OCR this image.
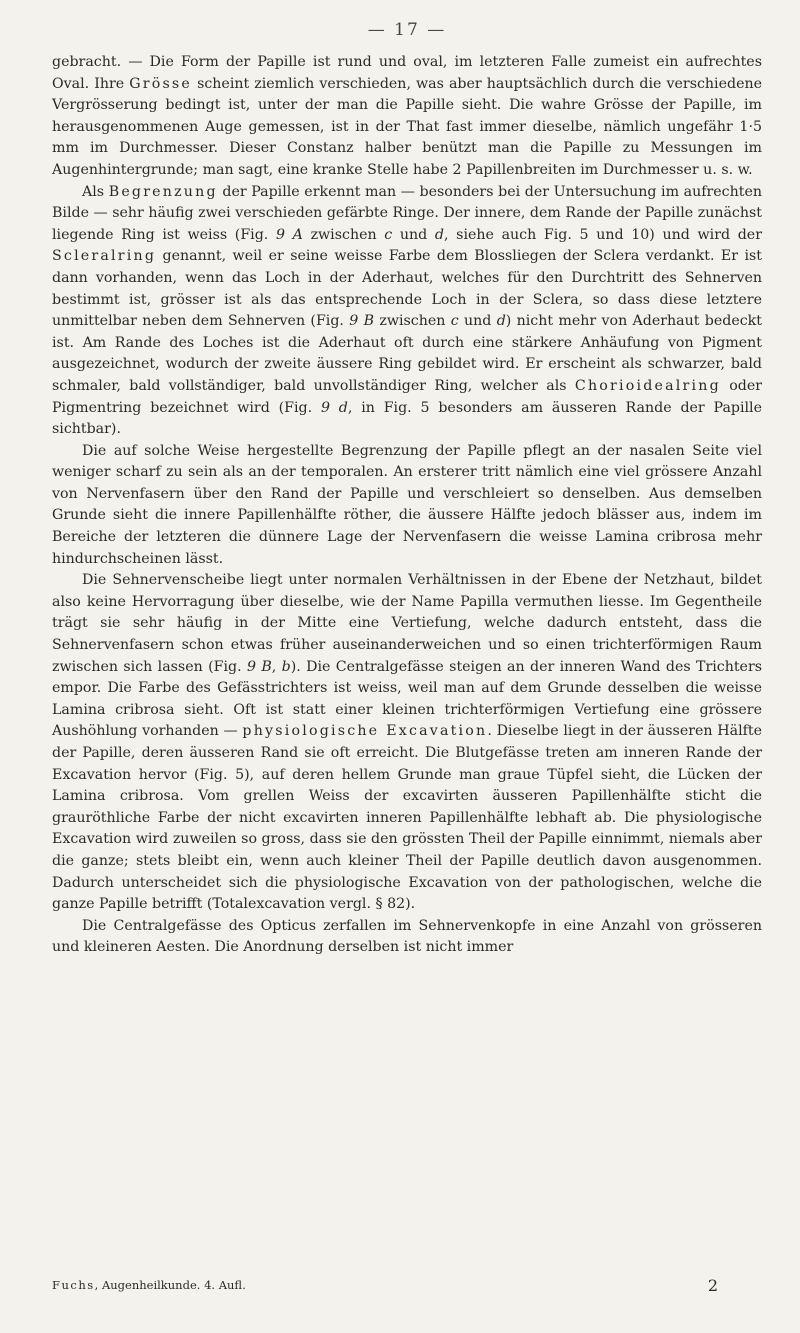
— 17 —

gebracht. — Die Form der Papille ist rund und oval, im letzteren Falle zumeist ein aufrechtes Oval. Ihre Grösse scheint ziemlich verschieden, was aber hauptsächlich durch die verschiedene Vergrösserung bedingt ist, unter der man die Papille sieht. Die wahre Grösse der Papille, im herausgenommenen Auge gemessen, ist in der That fast immer dieselbe, nämlich ungefähr 1·5 mm im Durchmesser. Dieser Constanz halber benützt man die Papille zu Messungen im Augenhintergrunde; man sagt, eine kranke Stelle habe 2 Papillenbreiten im Durchmesser u. s. w.

Als Begrenzung der Papille erkennt man — besonders bei der Untersuchung im aufrechten Bilde — sehr häufig zwei verschieden gefärbte Ringe. Der innere, dem Rande der Papille zunächst liegende Ring ist weiss (Fig. 9 A zwischen c und d, siehe auch Fig. 5 und 10) und wird der Scleralring genannt, weil er seine weisse Farbe dem Blossliegen der Sclera verdankt. Er ist dann vorhanden, wenn das Loch in der Aderhaut, welches für den Durchtritt des Sehnerven bestimmt ist, grösser ist als das entsprechende Loch in der Sclera, so dass diese letztere unmittelbar neben dem Sehnerven (Fig. 9 B zwischen c und d) nicht mehr von Aderhaut bedeckt ist. Am Rande des Loches ist die Aderhaut oft durch eine stärkere Anhäufung von Pigment ausgezeichnet, wodurch der zweite äussere Ring gebildet wird. Er erscheint als schwarzer, bald schmaler, bald vollständiger, bald unvollständiger Ring, welcher als Chorioidealring oder Pigmentring bezeichnet wird (Fig. 9 d, in Fig. 5 besonders am äusseren Rande der Papille sichtbar).

Die auf solche Weise hergestellte Begrenzung der Papille pflegt an der nasalen Seite viel weniger scharf zu sein als an der temporalen. An ersterer tritt nämlich eine viel grössere Anzahl von Nervenfasern über den Rand der Papille und verschleiert so denselben. Aus demselben Grunde sieht die innere Papillenhälfte röther, die äussere Hälfte jedoch blässer aus, indem im Bereiche der letzteren die dünnere Lage der Nervenfasern die weisse Lamina cribrosa mehr hindurchscheinen lässt.

Die Sehnervenscheibe liegt unter normalen Verhältnissen in der Ebene der Netzhaut, bildet also keine Hervorragung über dieselbe, wie der Name Papilla vermuthen liesse. Im Gegentheile trägt sie sehr häufig in der Mitte eine Vertiefung, welche dadurch entsteht, dass die Sehnervenfasern schon etwas früher auseinanderweichen und so einen trichterförmigen Raum zwischen sich lassen (Fig. 9 B, b). Die Centralgefässe steigen an der inneren Wand des Trichters empor. Die Farbe des Gefässtrichters ist weiss, weil man auf dem Grunde desselben die weisse Lamina cribrosa sieht. Oft ist statt einer kleinen trichterförmigen Vertiefung eine grössere Aushöhlung vorhanden — physiologische Excavation. Dieselbe liegt in der äusseren Hälfte der Papille, deren äusseren Rand sie oft erreicht. Die Blutgefässe treten am inneren Rande der Excavation hervor (Fig. 5), auf deren hellem Grunde man graue Tüpfel sieht, die Lücken der Lamina cribrosa. Vom grellen Weiss der excavirten äusseren Papillenhälfte sticht die grauröthliche Farbe der nicht excavirten inneren Papillenhälfte lebhaft ab. Die physiologische Excavation wird zuweilen so gross, dass sie den grössten Theil der Papille einnimmt, niemals aber die ganze; stets bleibt ein, wenn auch kleiner Theil der Papille deutlich davon ausgenommen. Dadurch unterscheidet sich die physiologische Excavation von der pathologischen, welche die ganze Papille betrifft (Totalexcavation vergl. § 82).

Die Centralgefässe des Opticus zerfallen im Sehnervenkopfe in eine Anzahl von grösseren und kleineren Aesten. Die Anordnung derselben ist nicht immer

Fuchs, Augenheilkunde. 4. Aufl.	2
